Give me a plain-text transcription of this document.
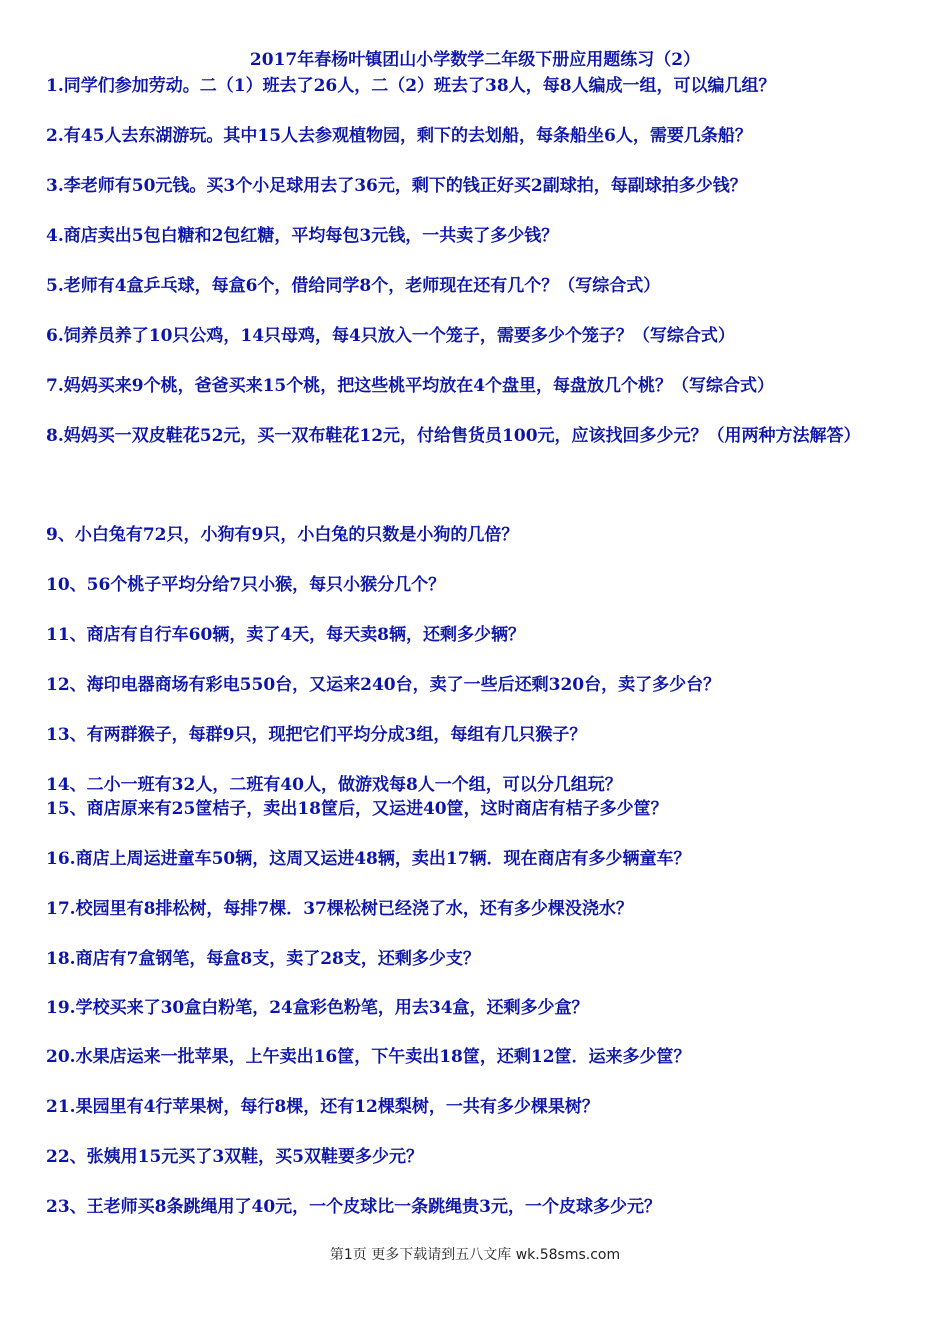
2017年春杨叶镇团山小学数学二年级下册应用题练习（2）
1.同学们参加劳动。二（1）班去了26人，二（2）班去了38人，每8人编成一组，可以编几组？
2.有45人去东湖游玩。其中15人去参观植物园，剩下的去划船，每条船坐6人，需要几条船？
3.李老师有50元钱。买3个小足球用去了36元，剩下的钱正好买2副球拍，每副球拍多少钱？
4.商店卖出5包白糖和2包红糖，平均每包3元钱，一共卖了多少钱？
5.老师有4盒乒乓球，每盒6个，借给同学8个，老师现在还有几个？（写综合式）
6.饲养员养了10只公鸡，14只母鸡，每4只放入一个笼子，需要多少个笼子？（写综合式）
7.妈妈买来9个桃，爸爸买来15个桃，把这些桃平均放在4个盘里，每盘放几个桃？（写综合式）
8.妈妈买一双皮鞋花52元，买一双布鞋花12元，付给售货员100元，应该找回多少元？（用两种方法解答）
9、小白兔有72只，小狗有9只，小白兔的只数是小狗的几倍？
10、56个桃子平均分给7只小猴，每只小猴分几个？
11、商店有自行车60辆，卖了4天，每天卖8辆，还剩多少辆？
12、海印电器商场有彩电550台，又运来240台，卖了一些后还剩320台，卖了多少台？
13、有两群猴子，每群9只，现把它们平均分成3组，每组有几只猴子？
14、二小一班有32人，二班有40人，做游戏每8人一个组，可以分几组玩？
15、商店原来有25筐桔子，卖出18筐后，又运进40筐，这时商店有桔子多少筐？
16.商店上周运进童车50辆，这周又运进48辆，卖出17辆．现在商店有多少辆童车？
17.校园里有8排松树，每排7棵．37棵松树已经浇了水，还有多少棵没浇水？
18.商店有7盒钢笔，每盒8支，卖了28支，还剩多少支？
19.学校买来了30盒白粉笔，24盒彩色粉笔，用去34盒，还剩多少盒？
20.水果店运来一批苹果，上午卖出16筐，下午卖出18筐，还剩12筐．运来多少筐？
21.果园里有4行苹果树，每行8棵，还有12棵梨树，一共有多少棵果树？
22、张姨用15元买了3双鞋，买5双鞋要多少元？
23、王老师买8条跳绳用了40元，一个皮球比一条跳绳贵3元，一个皮球多少元？
第1页 更多下载请到五八文库 wk.58sms.com
